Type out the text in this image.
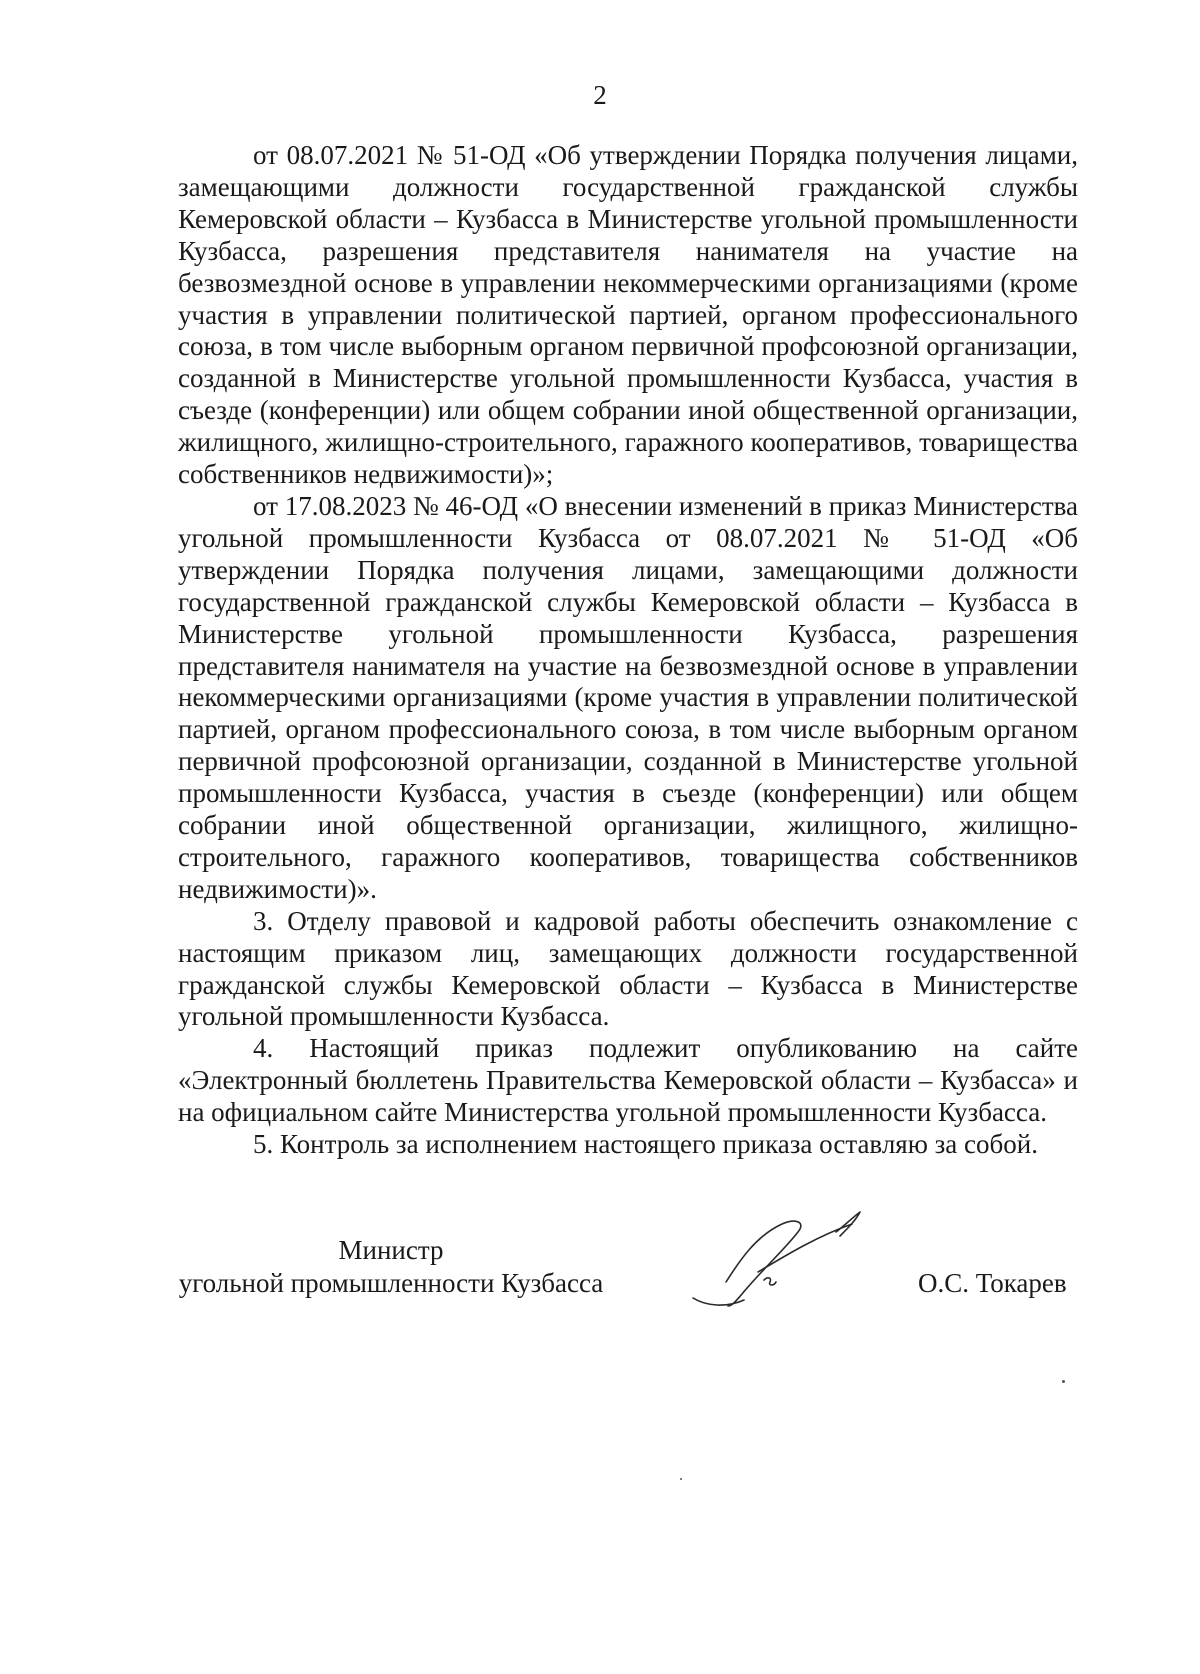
2

от 08.07.2021 № 51-ОД «Об утверждении Порядка получения лицами, замещающими должности государственной гражданской службы Кемеровской области – Кузбасса в Министерстве угольной промышленности Кузбасса, разрешения представителя нанимателя на участие на безвозмездной основе в управлении некоммерческими организациями (кроме участия в управлении политической партией, органом профессионального союза, в том числе выборным органом первичной профсоюзной организации, созданной в Министерстве угольной промышленности Кузбасса, участия в съезде (конференции) или общем собрании иной общественной организации, жилищного, жилищно-строительного, гаражного кооперативов, товарищества собственников недвижимости)»;

от 17.08.2023 № 46-ОД «О внесении изменений в приказ Министерства угольной промышленности Кузбасса от 08.07.2021 № 51-ОД «Об утверждении Порядка получения лицами, замещающими должности государственной гражданской службы Кемеровской области – Кузбасса в Министерстве угольной промышленности Кузбасса, разрешения представителя нанимателя на участие на безвозмездной основе в управлении некоммерческими организациями (кроме участия в управлении политической партией, органом профессионального союза, в том числе выборным органом первичной профсоюзной организации, созданной в Министерстве угольной промышленности Кузбасса, участия в съезде (конференции) или общем собрании иной общественной организации, жилищного, жилищно-строительного, гаражного кооперативов, товарищества собственников недвижимости)».

3. Отделу правовой и кадровой работы обеспечить ознакомление с настоящим приказом лиц, замещающих должности государственной гражданской службы Кемеровской области – Кузбасса в Министерстве угольной промышленности Кузбасса.

4. Настоящий приказ подлежит опубликованию на сайте «Электронный бюллетень Правительства Кемеровской области – Кузбасса» и на официальном сайте Министерства угольной промышленности Кузбасса.

5. Контроль за исполнением настоящего приказа оставляю за собой.

Министр
угольной промышленности Кузбасса	О.С. Токарев
